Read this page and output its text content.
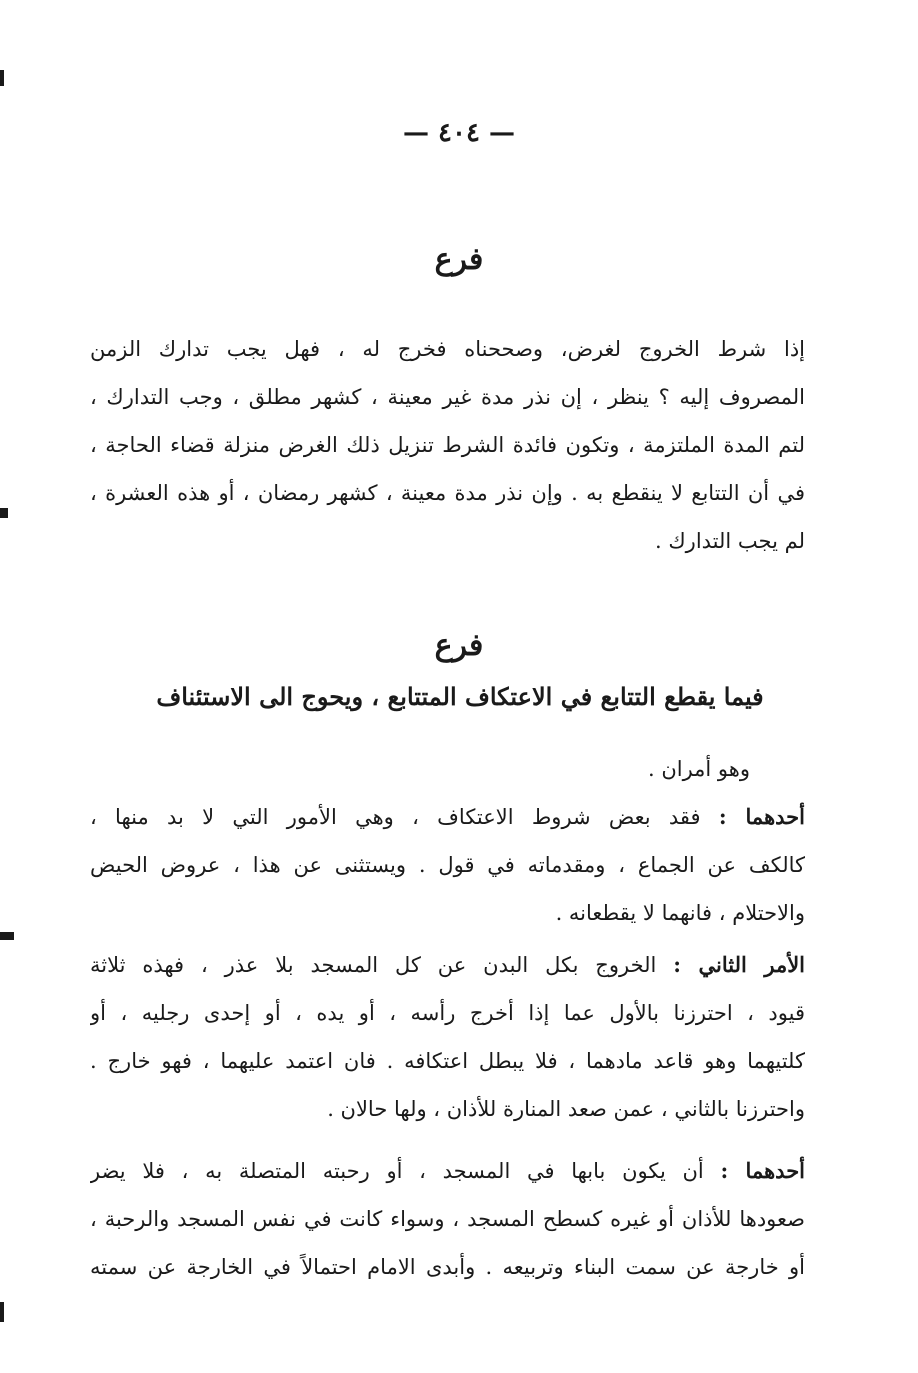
— ٤٠٤ —
فرع
إذا شرط الخروج لغرض، وصححناه فخرج له ، فهل يجب تدارك الزمن
المصروف إليه ؟ ينظر ، إن نذر مدة غير معينة ، كشهر مطلق ، وجب التدارك ،
لتم المدة الملتزمة ، وتكون فائدة الشرط تنزيل ذلك الغرض منزلة قضاء الحاجة ،
في أن التتابع لا ينقطع به . وإن نذر مدة معينة ، كشهر رمضان ، أو هذه العشرة ،
لم يجب التدارك .
فرع
فيما يقطع التتابع في الاعتكاف المتتابع ، ويحوج الى الاستئناف
وهو أمران .
أحدهما : فقد بعض شروط الاعتكاف ، وهي الأمور التي لا بد منها ،
كالكف عن الجماع ، ومقدماته في قول . ويستثنى عن هذا ، عروض الحيض
والاحتلام ، فانهما لا يقطعانه .
الأمر الثاني : الخروج بكل البدن عن كل المسجد بلا عذر ، فهذه ثلاثة
قيود ، احترزنا بالأول عما إذا أخرج رأسه ، أو يده ، أو إحدى رجليه ، أو
كلتيهما وهو قاعد مادهما ، فلا يبطل اعتكافه . فان اعتمد عليهما ، فهو خارج .
واحترزنا بالثاني ، عمن صعد المنارة للأذان ، ولها حالان .
أحدهما : أن يكون بابها في المسجد ، أو رحبته المتصلة به ، فلا يضر
صعودها للأذان أو غيره كسطح المسجد ، وسواء كانت في نفس المسجد والرحبة ،
أو خارجة عن سمت البناء وتربيعه . وأبدى الامام احتمالاً في الخارجة عن سمته
